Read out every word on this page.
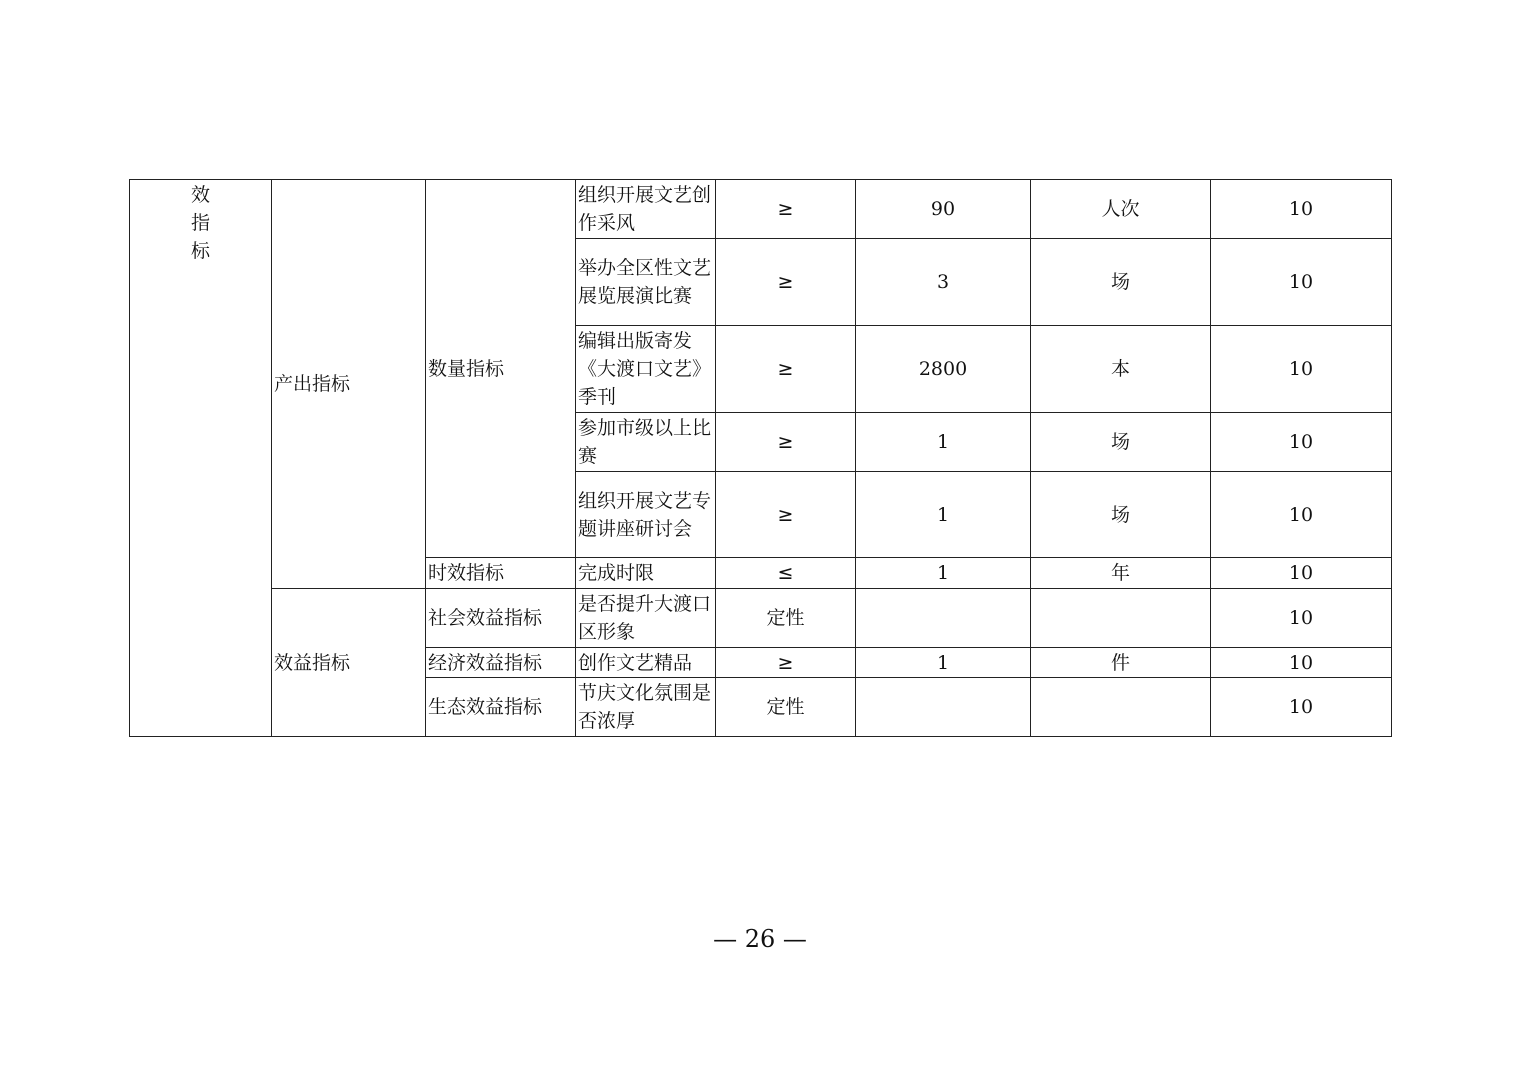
效指标	产出指标	数量指标	组织开展文艺创作采风	≥	90	人次	10
			举办全区性文艺展览展演比赛	≥	3	场	10
			编辑出版寄发《大渡口文艺》季刊	≥	2800	本	10
			参加市级以上比赛	≥	1	场	10
			组织开展文艺专题讲座研讨会	≥	1	场	10
		时效指标	完成时限	≤	1	年	10
	效益指标	社会效益指标	是否提升大渡口区形象	定性			10
		经济效益指标	创作文艺精品	≥	1	件	10
		生态效益指标	节庆文化氛围是否浓厚	定性			10
— 26 —
